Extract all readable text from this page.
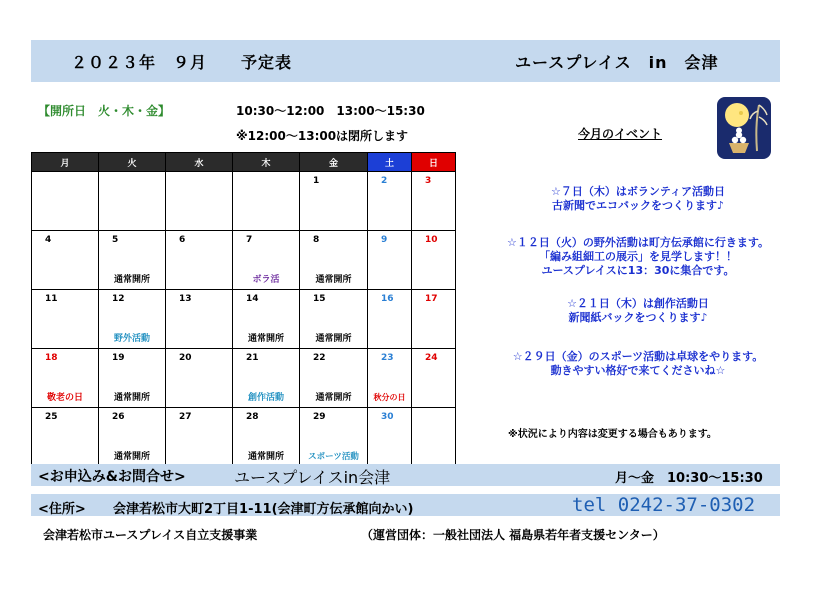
２０２３年　９月　　予定表	ユースプレイス　in　会津
【開所日　火・木・金】	10:30～12:00　13:00～15:30
※12:00～13:00は閉所します	今月のイベント
月	火	水	木	金	土	日
				1	2	3

4	5	6	7	8	9	10
	通常開所		ボラ活	通常開所		
11	12	13	14	15	16	17
	野外活動		通常開所	通常開所		
18	19	20	21	22	23	24
敬老の日	通常開所		創作活動	通常開所	秋分の日	
25	26	27	28	29	30	
	通常開所		通常開所	スポーツ活動		
☆７日（木）はボランティア活動日
古新聞でエコバックをつくります♪
☆１２日（火）の野外活動は町方伝承館に行きます。
「編み組細工の展示」を見学します！！
ユースプレイスに13：30に集合です。
☆２１日（木）は創作活動日
新聞紙バックをつくります♪
☆２９日（金）のスポーツ活動は卓球をやります。
動きやすい格好で来てくださいね☆
※状況により内容は変更する場合もあります。
<お申込み&お問合せ>	ユースプレイスin会津	月～金　10:30～15:30
<住所> 会津若松市大町2丁目1-11(会津町方伝承館向かい)	tel 0242-37-0302
会津若松市ユースプレイス自立支援事業	（運営団体：一般社団法人 福島県若年者支援センター）
